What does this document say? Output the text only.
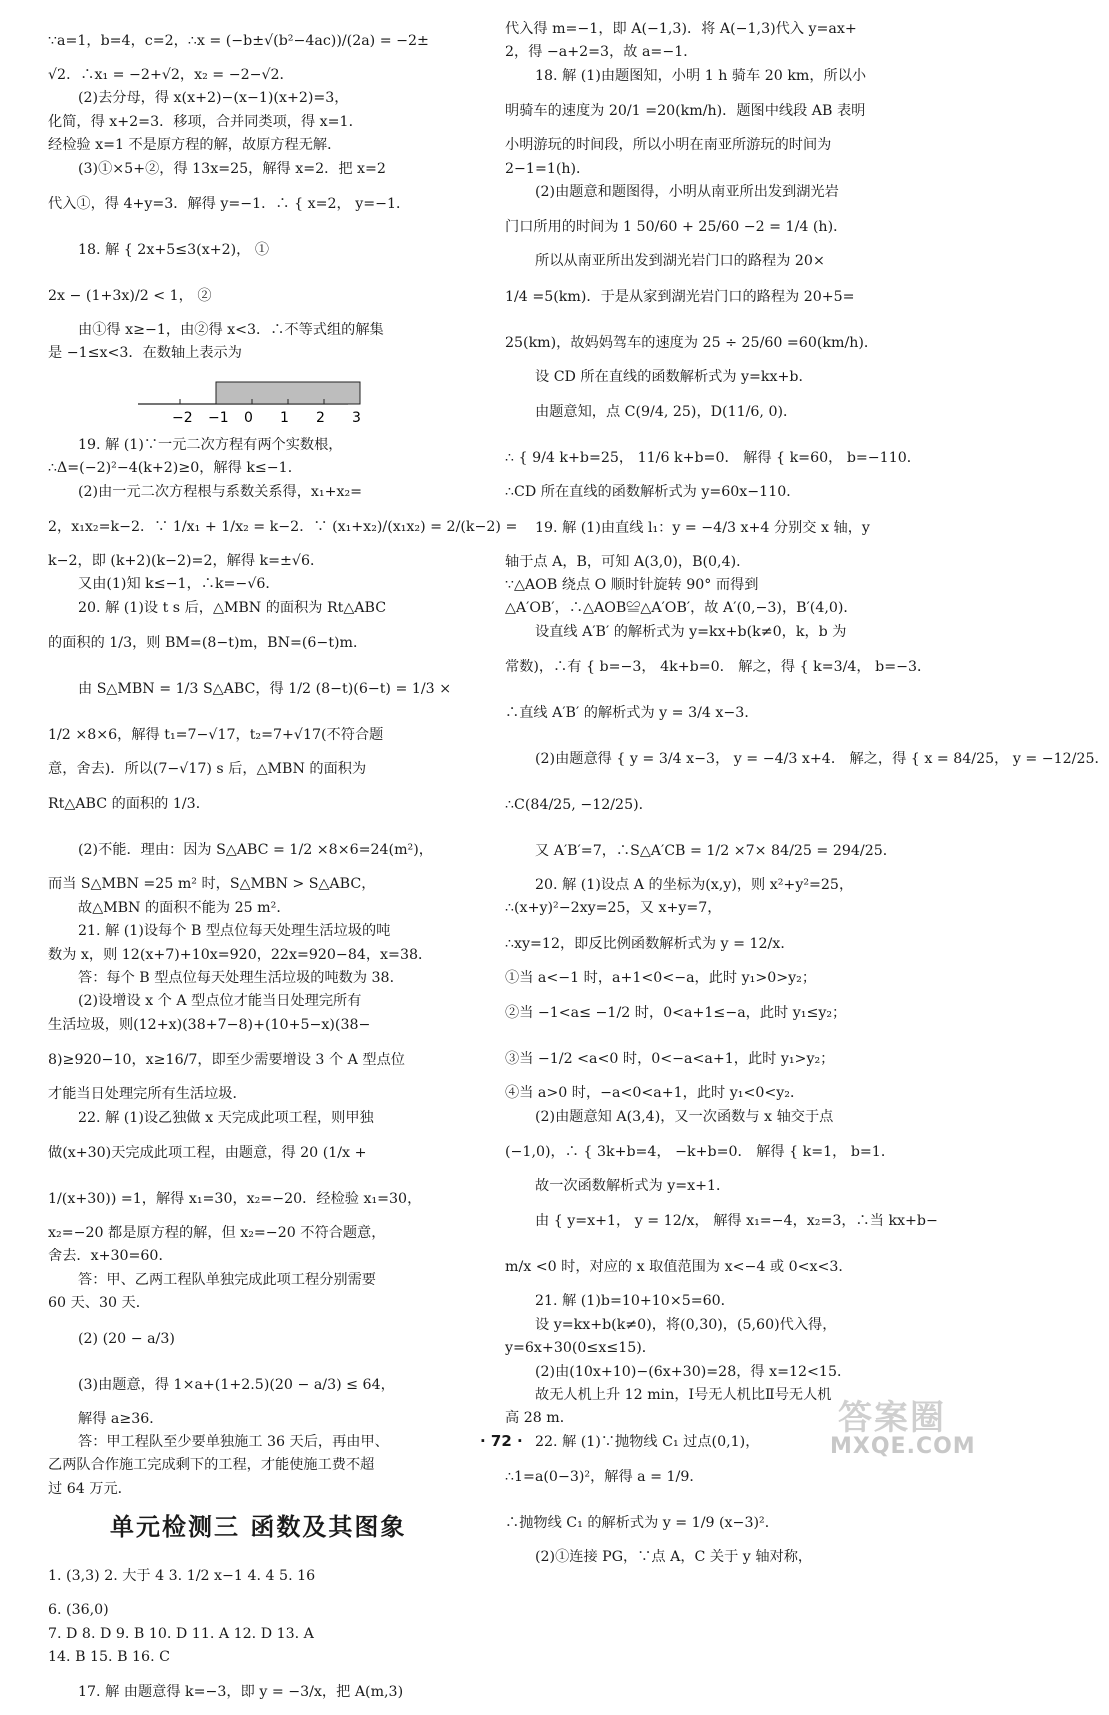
∵a=1，b=4，c=2，∴x = (−b±√(b²−4ac))/(2a) = −2±
√2．∴x₁ = −2+√2，x₂ = −2−√2．
(2)去分母，得 x(x+2)−(x−1)(x+2)=3，
化简，得 x+2=3．移项，合并同类项，得 x=1．
经检验 x=1 不是原方程的解，故原方程无解．
(3)①×5+②，得 13x=25，解得 x=2．把 x=2
代入①，得 4+y=3．解得 y=−1．∴ { x=2， y=−1．
18. 解 { 2x+5≤3(x+2)， ①
2x − (1+3x)/2 < 1， ②
由①得 x≥−1，由②得 x<3．∴不等式组的解集
是 −1≤x<3．在数轴上表示为
−2 −1 0 1 2 3
19. 解 (1)∵一元二次方程有两个实数根，
∴Δ=(−2)²−4(k+2)≥0，解得 k≤−1．
(2)由一元二次方程根与系数关系得，x₁+x₂=
2，x₁x₂=k−2．∵ 1/x₁ + 1/x₂ = k−2．∵ (x₁+x₂)/(x₁x₂) = 2/(k−2) =
k−2，即 (k+2)(k−2)=2，解得 k=±√6．
又由(1)知 k≤−1，∴k=−√6．
20. 解 (1)设 t s 后，△MBN 的面积为 Rt△ABC
的面积的 1/3，则 BM=(8−t)m，BN=(6−t)m．
由 S△MBN = 1/3 S△ABC，得 1/2 (8−t)(6−t) = 1/3 ×
1/2 ×8×6，解得 t₁=7−√17，t₂=7+√17(不符合题
意，舍去)．所以(7−√17) s 后，△MBN 的面积为
Rt△ABC 的面积的 1/3．
(2)不能．理由：因为 S△ABC = 1/2 ×8×6=24(m²)，
而当 S△MBN =25 m² 时，S△MBN > S△ABC，
故△MBN 的面积不能为 25 m²．
21. 解 (1)设每个 B 型点位每天处理生活垃圾的吨
数为 x，则 12(x+7)+10x=920，22x=920−84，x=38．
答：每个 B 型点位每天处理生活垃圾的吨数为 38．
(2)设增设 x 个 A 型点位才能当日处理完所有
生活垃圾，则(12+x)(38+7−8)+(10+5−x)(38−
8)≥920−10，x≥16/7，即至少需要增设 3 个 A 型点位
才能当日处理完所有生活垃圾．
22. 解 (1)设乙独做 x 天完成此项工程，则甲独
做(x+30)天完成此项工程，由题意，得 20 (1/x +
1/(x+30)) =1，解得 x₁=30，x₂=−20．经检验 x₁=30，
x₂=−20 都是原方程的解，但 x₂=−20 不符合题意，
舍去．x+30=60．
答：甲、乙两工程队单独完成此项工程分别需要
60 天、30 天．
(2) (20 − a/3)
(3)由题意，得 1×a+(1+2.5)(20 − a/3) ≤ 64，
解得 a≥36．
答：甲工程队至少要单独施工 36 天后，再由甲、
乙两队合作施工完成剩下的工程，才能使施工费不超
过 64 万元．
单元检测三 函数及其图象
1. (3,3) 2. 大于 4 3. 1/2 x−1 4. 4 5. 16
6. (36,0)
7. D 8. D 9. B 10. D 11. A 12. D 13. A
14. B 15. B 16. C
17. 解 由题意得 k=−3，即 y = −3/x，把 A(m,3)
代入得 m=−1，即 A(−1,3)．将 A(−1,3)代入 y=ax+
2，得 −a+2=3，故 a=−1．
18. 解 (1)由题图知，小明 1 h 骑车 20 km，所以小
明骑车的速度为 20/1 =20(km/h)．题图中线段 AB 表明
小明游玩的时间段，所以小明在南亚所游玩的时间为
2−1=1(h)．
(2)由题意和题图得，小明从南亚所出发到湖光岩
门口所用的时间为 1 50/60 + 25/60 −2 = 1/4 (h)．
所以从南亚所出发到湖光岩门口的路程为 20×
1/4 =5(km)．于是从家到湖光岩门口的路程为 20+5=
25(km)，故妈妈驾车的速度为 25 ÷ 25/60 =60(km/h)．
设 CD 所在直线的函数解析式为 y=kx+b．
由题意知，点 C(9/4, 25)，D(11/6, 0)．
∴ { 9/4 k+b=25， 11/6 k+b=0． 解得 { k=60， b=−110．
∴CD 所在直线的函数解析式为 y=60x−110．
19. 解 (1)由直线 l₁：y = −4/3 x+4 分别交 x 轴，y
轴于点 A，B，可知 A(3,0)，B(0,4)．
∵△AOB 绕点 O 顺时针旋转 90° 而得到
△A′OB′，∴△AOB≌△A′OB′，故 A′(0,−3)，B′(4,0)．
设直线 A′B′ 的解析式为 y=kx+b(k≠0，k，b 为
常数)，∴有 { b=−3， 4k+b=0． 解之，得 { k=3/4， b=−3．
∴直线 A′B′ 的解析式为 y = 3/4 x−3．
(2)由题意得 { y = 3/4 x−3， y = −4/3 x+4． 解之，得 { x = 84/25， y = −12/25．
∴C(84/25, −12/25)．
又 A′B′=7，∴S△A′CB = 1/2 ×7× 84/25 = 294/25．
20. 解 (1)设点 A 的坐标为(x,y)，则 x²+y²=25，
∴(x+y)²−2xy=25，又 x+y=7，
∴xy=12，即反比例函数解析式为 y = 12/x．
①当 a<−1 时，a+1<0<−a，此时 y₁>0>y₂；
②当 −1<a≤ −1/2 时，0<a+1≤−a，此时 y₁≤y₂；
③当 −1/2 <a<0 时，0<−a<a+1，此时 y₁>y₂；
④当 a>0 时，−a<0<a+1，此时 y₁<0<y₂．
(2)由题意知 A(3,4)，又一次函数与 x 轴交于点
(−1,0)，∴ { 3k+b=4， −k+b=0． 解得 { k=1， b=1．
故一次函数解析式为 y=x+1．
由 { y=x+1， y = 12/x， 解得 x₁=−4，x₂=3，∴当 kx+b−
m/x <0 时，对应的 x 取值范围为 x<−4 或 0<x<3．
21. 解 (1)b=10+10×5=60．
设 y=kx+b(k≠0)，将(0,30)，(5,60)代入得，
y=6x+30(0≤x≤15)．
(2)由(10x+10)−(6x+30)=28，得 x=12<15．
故无人机上升 12 min，Ⅰ号无人机比Ⅱ号无人机
高 28 m．
22. 解 (1)∵抛物线 C₁ 过点(0,1)，
∴1=a(0−3)²，解得 a = 1/9．
∴抛物线 C₁ 的解析式为 y = 1/9 (x−3)²．
(2)①连接 PG，∵点 A，C 关于 y 轴对称，
· 72 ·
答案圈
MXQE.COM
